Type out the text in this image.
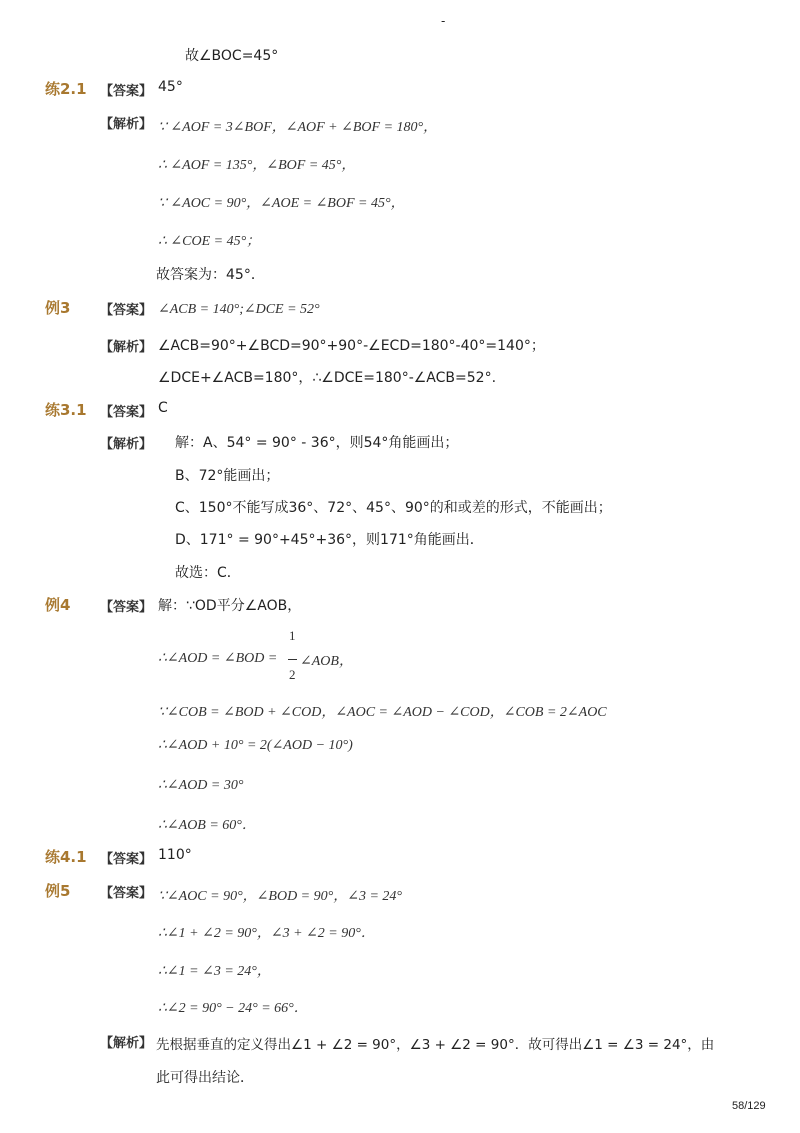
-
故∠BOC=45°
练2.1 【答案】 45°
【解析】 ∵ ∠AOF = 3∠BOF，∠AOF + ∠BOF = 180°，
∴ ∠AOF = 135°，∠BOF = 45°，
∵ ∠AOC = 90°，∠AOE = ∠BOF = 45°，
∴ ∠COE = 45°；
故答案为：45°．
例3 【答案】 ∠ACB = 140°;∠DCE = 52°
【解析】 ∠ACB=90°+∠BCD=90°+90°-∠ECD=180°-40°=140°；
∠DCE+∠ACB=180°，∴∠DCE=180°-∠ACB=52°.
练3.1 【答案】 C
【解析】 解：A、54° = 90° - 36°，则54°角能画出；
B、72°能画出；
C、150°不能写成36°、72°、45°、90°的和或差的形式，不能画出；
D、171° = 90°+45°+36°，则171°角能画出．
故选：C．
例4 【答案】 解：∵OD平分∠AOB，
∴∠AOD = ∠BOD =
1
2
∠AOB，
∵∠COB = ∠BOD + ∠COD，∠AOC = ∠AOD − ∠COD，∠COB = 2∠AOC
∴∠AOD + 10° = 2(∠AOD − 10°)
∴∠AOD = 30°
∴∠AOB = 60°．
练4.1 【答案】 110°
例5 【答案】 ∵∠AOC = 90°，∠BOD = 90°，∠3 = 24°
∴∠1 + ∠2 = 90°，∠3 + ∠2 = 90°．
∴∠1 = ∠3 = 24°，
∴∠2 = 90° − 24° = 66°．
【解析】 先根据垂直的定义得出∠1 + ∠2 = 90°，∠3 + ∠2 = 90°．故可得出∠1 = ∠3 = 24°，由
此可得出结论．
58/129
